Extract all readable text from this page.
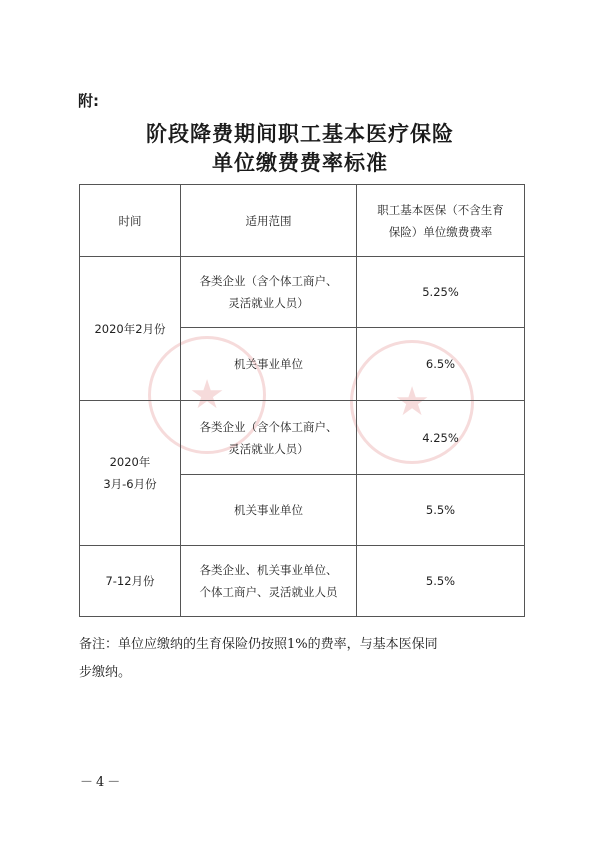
附:
阶段降费期间职工基本医疗保险
单位缴费费率标准
★	★
时间	适用范围	职工基本医保（不含生育
保险）单位缴费费率

2020年2月份	各类企业（含个体工商户、
灵活就业人员）	5.25%
	机关事业单位	6.5%

2020年
3月-6月份	各类企业（含个体工商户、
灵活就业人员）	4.25%
	机关事业单位	5.5%
7-12月份	各类企业、机关事业单位、
个体工商户、灵活就业人员	5.5%
备注：单位应缴纳的生育保险仍按照1%的费率，与基本医保同
步缴纳。
－4－
